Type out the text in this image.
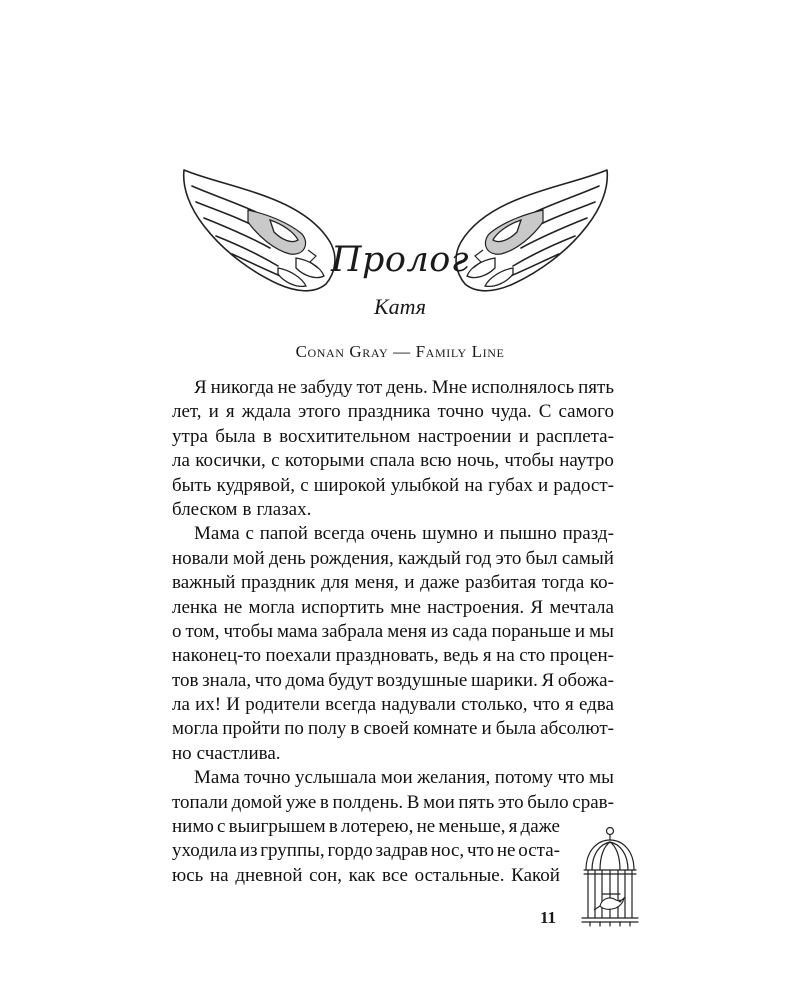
Пролог
Катя
Conan Gray — Family Line
Я никогда не забуду тот день. Мне исполнялось пять
лет, и я ждала этого праздника точно чуда. С самого
утра была в восхитительном настроении и расплета-
ла косички, с которыми спала всю ночь, чтобы наутро
быть кудрявой, с широкой улыбкой на губах и радост-
блеском в глазах.
Мама с папой всегда очень шумно и пышно празд-
новали мой день рождения, каждый год это был самый
важный праздник для меня, и даже разбитая тогда ко-
ленка не могла испортить мне настроения. Я мечтала
о том, чтобы мама забрала меня из сада пораньше и мы
наконец-то поехали праздновать, ведь я на сто процен-
тов знала, что дома будут воздушные шарики. Я обожа-
ла их! И родители всегда надували столько, что я едва
могла пройти по полу в своей комнате и была абсолют-
но счастлива.
Мама точно услышала мои желания, потому что мы
топали домой уже в полдень. В мои пять это было срав-
нимо с выигрышем в лотерею, не меньше, я даже
уходила из группы, гордо задрав нос, что не оста-
юсь на дневной сон, как все остальные. Какой
11
